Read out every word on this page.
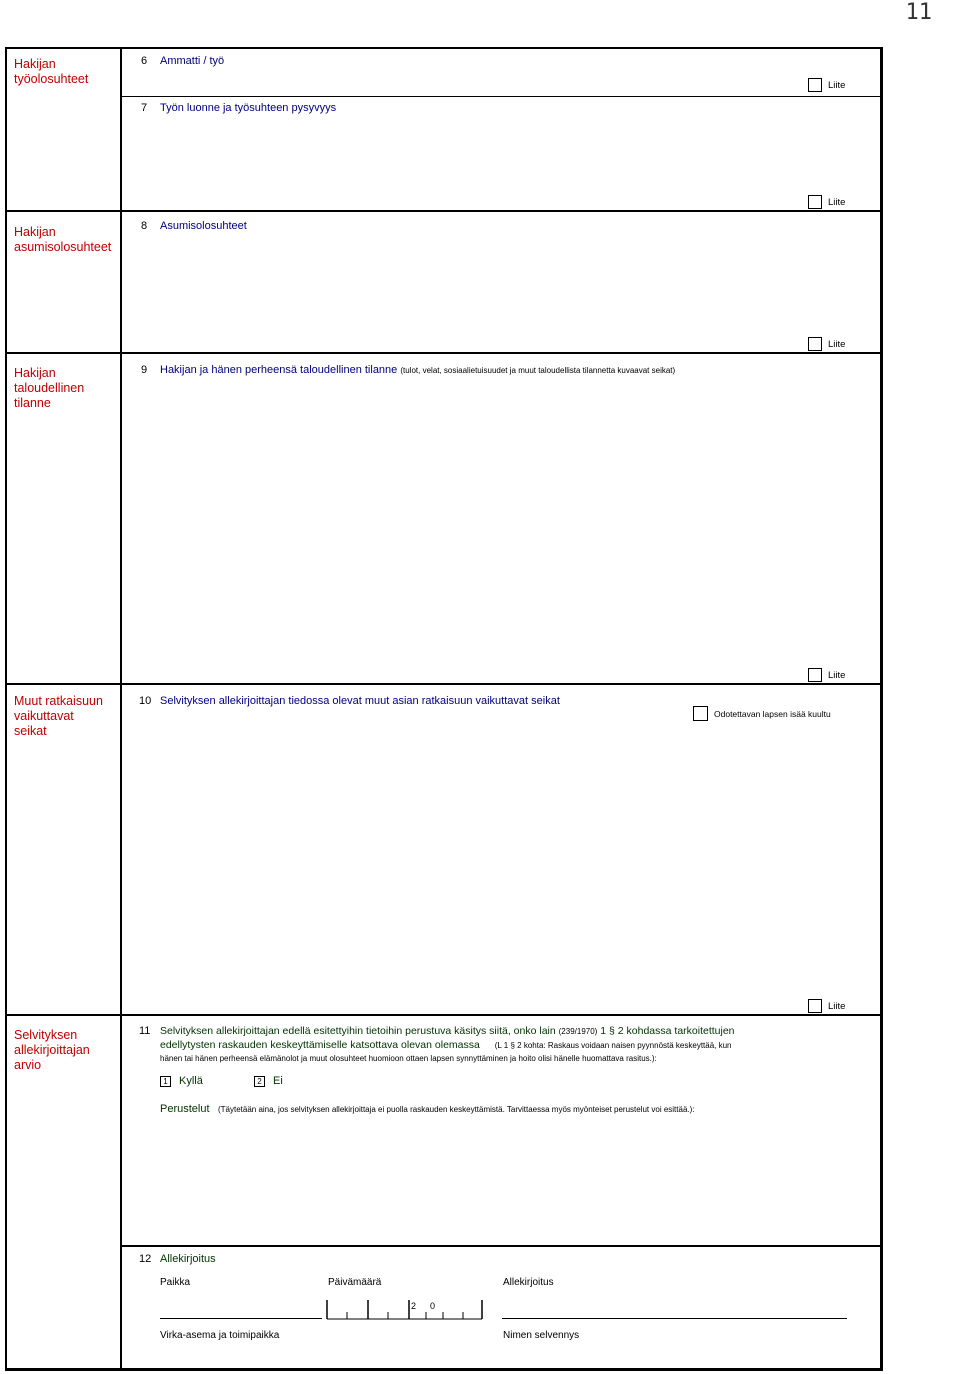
11
Hakijan työolosuhteet
Hakijan asumisolosuhteet
Hakijan taloudellinen tilanne
Muut ratkaisuun vaikuttavat seikat
Selvityksen allekirjoittajan arvio
6 Ammatti / työ
Liite
7 Työn luonne ja työsuhteen pysyvyys
Liite
8 Asumisolosuhteet
Liite
9 Hakijan ja hänen perheensä taloudellinen tilanne (tulot, velat, sosiaalietuisuudet ja muut taloudellista tilannetta kuvaavat seikat)
Liite
10 Selvityksen allekirjoittajan tiedossa olevat muut asian ratkaisuun vaikuttavat seikat
Odotettavan lapsen isää kuultu
Liite
11 Selvityksen allekirjoittajan edellä esitettyihin tietoihin perustuva käsitys siitä, onko lain (239/1970) 1 § 2 kohdassa tarkoitettujen
edellytysten raskauden keskeyttämiselle katsottava olevan olemassa (L 1 § 2 kohta: Raskaus voidaan naisen pyynnöstä keskeyttää, kun
hänen tai hänen perheensä elämänolot ja muut olosuhteet huomioon ottaen lapsen synnyttäminen ja hoito olisi hänelle huomattava rasitus.):
1 Kyllä	2 Ei
Perustelut (Täytetään aina, jos selvityksen allekirjoittaja ei puolla raskauden keskeyttämistä. Tarvittaessa myös myönteiset perustelut voi esittää.):
12 Allekirjoitus
Paikka	Päivämäärä	Allekirjoitus
2 0
Virka-asema ja toimipaikka	Nimen selvennys
